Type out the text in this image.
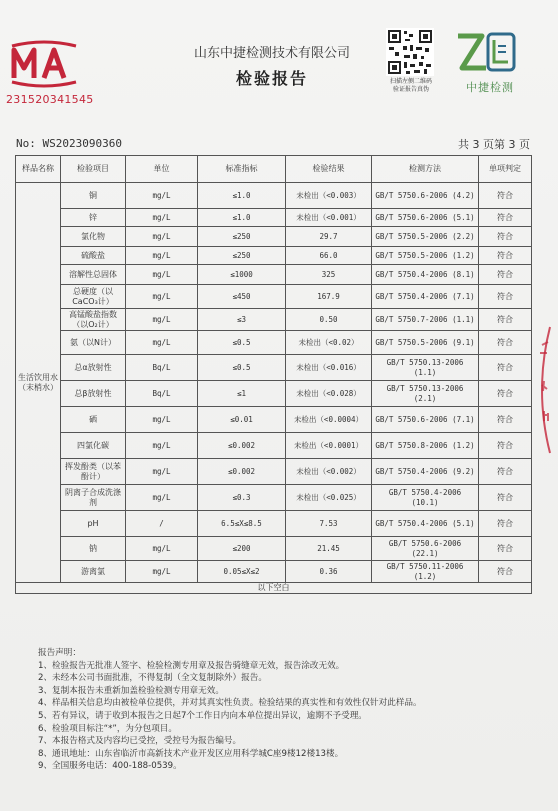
231520341545
山东中捷检测技术有限公司
检验报告	扫描左侧二维码
验证报告真伪	中捷检测
No: WS2023090360	共 3 页第 3 页
样品名称	检验项目	单位	标准指标	检验结果	检测方法	单项判定
生活饮用水（末梢水）	铜	mg/L	≤1.0	未检出（<0.003）	GB/T 5750.6-2006 (4.2)	符合
	锌	mg/L	≤1.0	未检出（<0.001）	GB/T 5750.6-2006 (5.1)	符合
	氯化物	mg/L	≤250	29.7	GB/T 5750.5-2006 (2.2)	符合
	硫酸盐	mg/L	≤250	66.0	GB/T 5750.5-2006 (1.2)	符合
	溶解性总固体	mg/L	≤1000	325	GB/T 5750.4-2006 (8.1)	符合
	总硬度（以CaCO₃计）	mg/L	≤450	167.9	GB/T 5750.4-2006 (7.1)	符合
	高锰酸盐指数（以O₂计）	mg/L	≤3	0.50	GB/T 5750.7-2006 (1.1)	符合
	氨（以N计）	mg/L	≤0.5	未检出（<0.02）	GB/T 5750.5-2006 (9.1)	符合
	总α放射性	Bq/L	≤0.5	未检出（<0.016）	GB/T 5750.13-2006 (1.1)	符合
	总β放射性	Bq/L	≤1	未检出（<0.028）	GB/T 5750.13-2006 (2.1)	符合
	硒	mg/L	≤0.01	未检出（<0.0004）	GB/T 5750.6-2006 (7.1)	符合
	四氯化碳	mg/L	≤0.002	未检出（<0.0001）	GB/T 5750.8-2006 (1.2)	符合
	挥发酚类（以苯酚计）	mg/L	≤0.002	未检出（<0.002）	GB/T 5750.4-2006 (9.2)	符合
	阴离子合成洗涤剂	mg/L	≤0.3	未检出（<0.025）	GB/T 5750.4-2006 (10.1)	符合
	pH	/	6.5≤X≤8.5	7.53	GB/T 5750.4-2006 (5.1)	符合
	钠	mg/L	≤200	21.45	GB/T 5750.6-2006 (22.1)	符合
	游离氯	mg/L	0.05≤X≤2	0.36	GB/T 5750.11-2006 (1.2)	符合
以下空白						
报告声明：
1、检验报告无批准人签字、检验检测专用章及报告骑缝章无效，报告涂改无效。
2、未经本公司书面批准，不得复制（全文复制除外）报告。
3、复制本报告未重新加盖检验检测专用章无效。
4、样品相关信息均由被检单位提供，并对其真实性负责。检验结果的真实性和有效性仅针对此样品。
5、若有异议，请于收到本报告之日起7个工作日内向本单位提出异议，逾期不予受理。
6、检验项目标注“*”，为分包项目。
7、本报告格式及内容均已受控，受控号为报告编号。
8、通讯地址：山东省临沂市高新技术产业开发区应用科学城C座9楼12楼13楼。
9、全国服务电话：400-188-0539。
